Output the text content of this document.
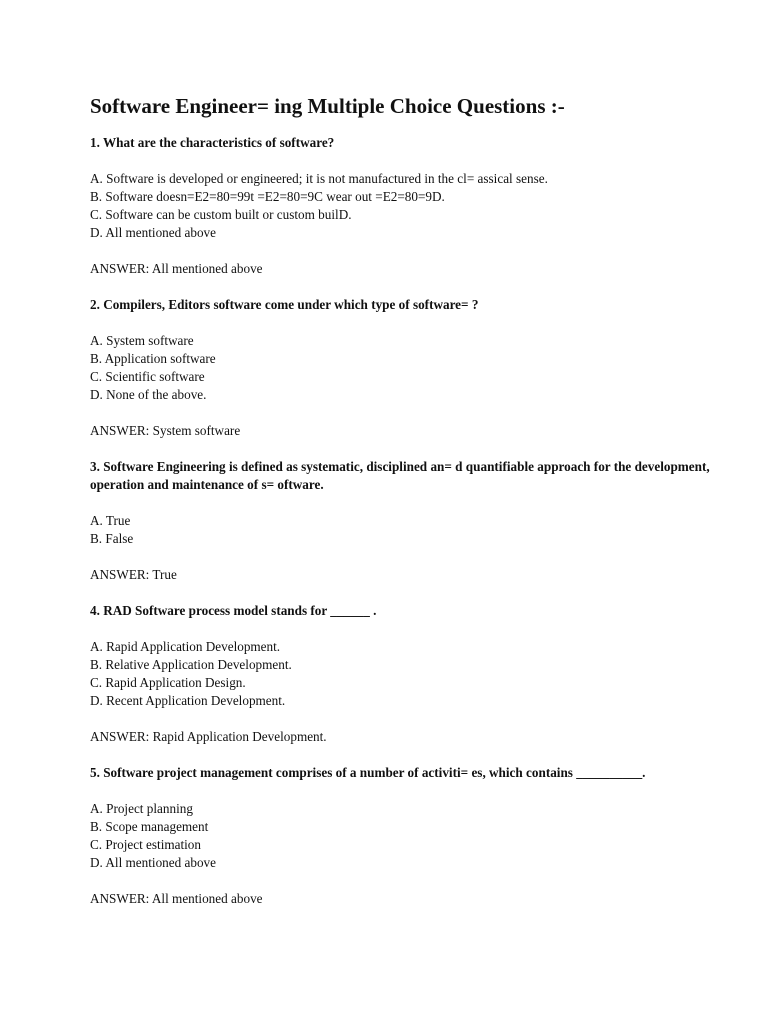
Software Engineer= ing Multiple Choice Questions :-

1. What are the characteristics of software?

A. Software is developed or engineered; it is not manufactured in the cl= assical sense.

B. Software doesn=E2=80=99t =E2=80=9C wear out =E2=80=9D.

C. Software can be custom built or custom builD.

D. All mentioned above

ANSWER: All mentioned above

2. Compilers, Editors software come under which type of software= ?

A. System software

B. Application software

C. Scientific software

D. None of the above.

ANSWER: System software

3. Software Engineering is defined as systematic, disciplined an= d quantifiable approach for the development, operation and maintenance of s= oftware.

A. True

B. False

ANSWER: True

4. RAD Software process model stands for ______ .

A. Rapid Application Development.

B. Relative Application Development.

C. Rapid Application Design.

D. Recent Application Development.

ANSWER: Rapid Application Development.

5. Software project management comprises of a number of activiti= es, which contains __________.

A. Project planning

B. Scope management

C. Project estimation

D. All mentioned above

ANSWER: All mentioned above
